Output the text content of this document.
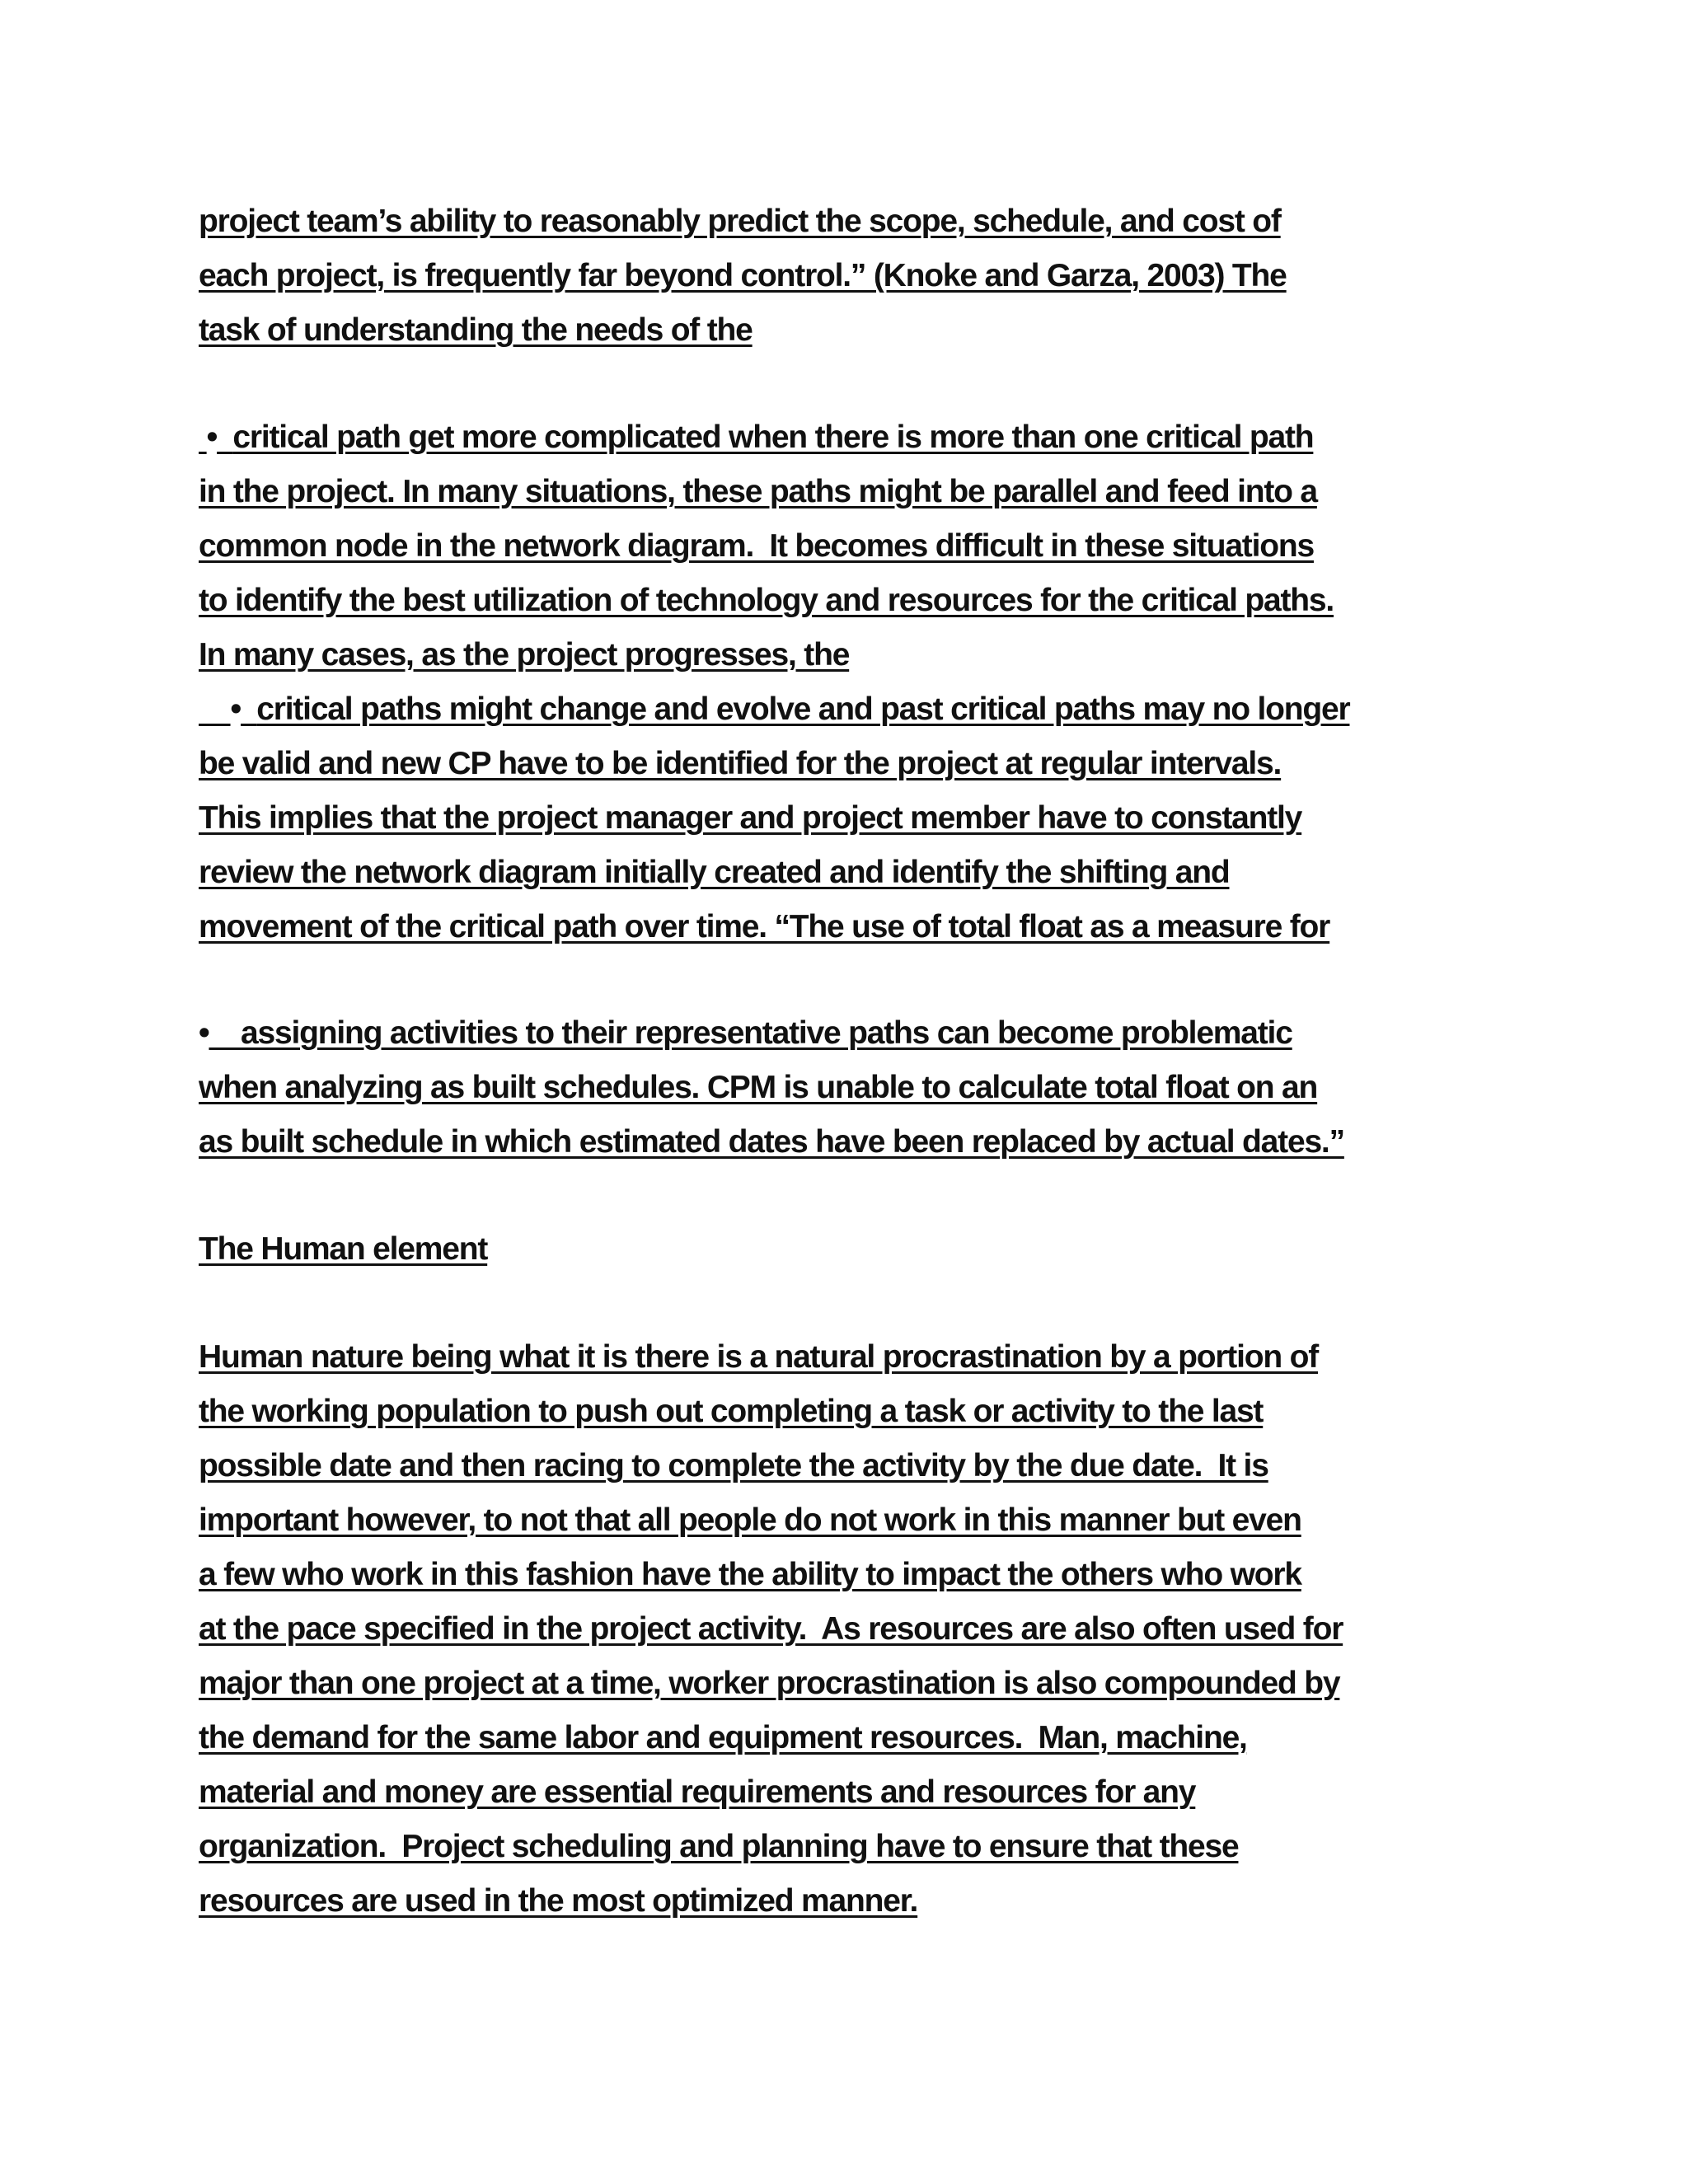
project team’s ability to reasonably predict the scope, schedule, and cost of
each project, is frequently far beyond control.” (Knoke and Garza, 2003) The
task of understanding the needs of the
• critical path get more complicated when there is more than one critical path
in the project. In many situations, these paths might be parallel and feed into a
common node in the network diagram.  It becomes difficult in these situations
to identify the best utilization of technology and resources for the critical paths.
In many cases, as the project progresses, the
• critical paths might change and evolve and past critical paths may no longer
be valid and new CP have to be identified for the project at regular intervals.
This implies that the project manager and project member have to constantly
review the network diagram initially created and identify the shifting and
movement of the critical path over time. “The use of total float as a measure for
• assigning activities to their representative paths can become problematic
when analyzing as built schedules. CPM is unable to calculate total float on an
as built schedule in which estimated dates have been replaced by actual dates.”
The Human element
Human nature being what it is there is a natural procrastination by a portion of
the working population to push out completing a task or activity to the last
possible date and then racing to complete the activity by the due date.  It is
important however, to not that all people do not work in this manner but even
a few who work in this fashion have the ability to impact the others who work
at the pace specified in the project activity.  As resources are also often used for
major than one project at a time, worker procrastination is also compounded by
the demand for the same labor and equipment resources.  Man, machine,
material and money are essential requirements and resources for any
organization.  Project scheduling and planning have to ensure that these
resources are used in the most optimized manner.
